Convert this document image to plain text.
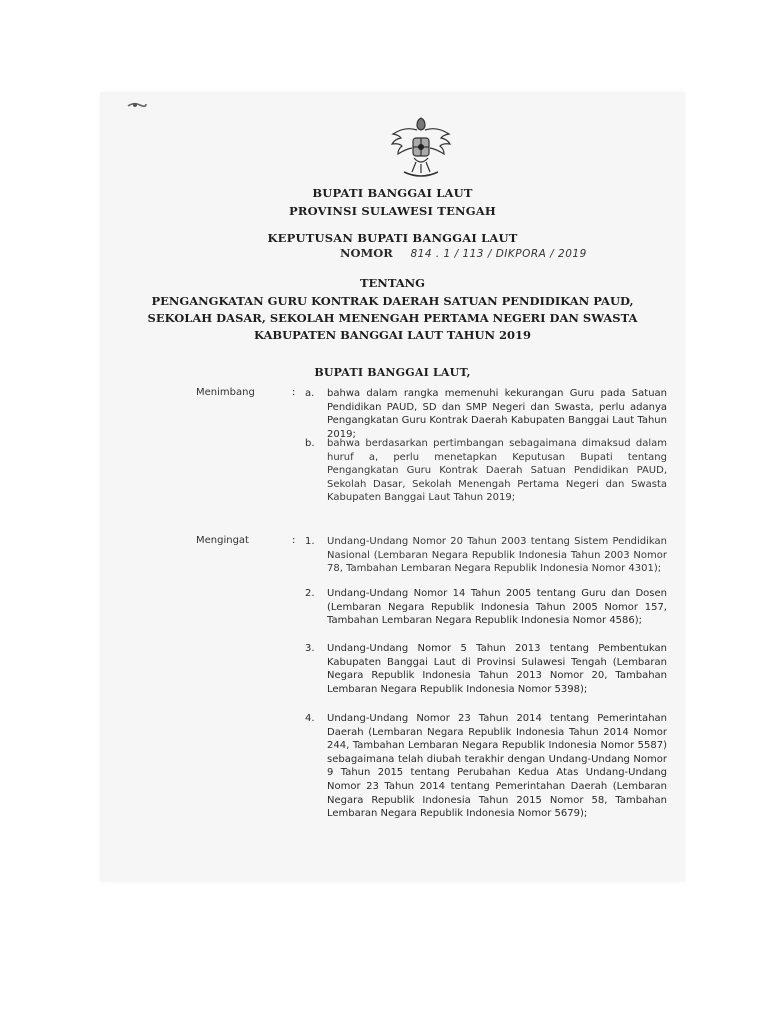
BUPATI BANGGAI LAUT
PROVINSI SULAWESI TENGAH
KEPUTUSAN BUPATI BANGGAI LAUT
NOMOR 814 . 1 / 113 / DIKPORA / 2019
TENTANG
PENGANGKATAN GURU KONTRAK DAERAH SATUAN PENDIDIKAN PAUD,
SEKOLAH DASAR, SEKOLAH MENENGAH PERTAMA NEGERI DAN SWASTA
KABUPATEN BANGGAI LAUT TAHUN 2019
BUPATI BANGGAI LAUT,
Menimbang	: a.	bahwa dalam rangka memenuhi kekurangan Guru pada Satuan Pendidikan PAUD, SD dan SMP Negeri dan Swasta, perlu adanya Pengangkatan Guru Kontrak Daerah Kabupaten Banggai Laut Tahun 2019;
b.	bahwa berdasarkan pertimbangan sebagaimana dimaksud dalam huruf a, perlu menetapkan Keputusan Bupati tentang Pengangkatan Guru Kontrak Daerah Satuan Pendidikan PAUD, Sekolah Dasar, Sekolah Menengah Pertama Negeri dan Swasta Kabupaten Banggai Laut Tahun 2019;
Mengingat	: 1.	Undang-Undang Nomor 20 Tahun 2003 tentang Sistem Pendidikan Nasional (Lembaran Negara Republik Indonesia Tahun 2003 Nomor 78, Tambahan Lembaran Negara Republik Indonesia Nomor 4301);
2.	Undang-Undang Nomor 14 Tahun 2005 tentang Guru dan Dosen (Lembaran Negara Republik Indonesia Tahun 2005 Nomor 157, Tambahan Lembaran Negara Republik Indonesia Nomor 4586);
3.	Undang-Undang Nomor 5 Tahun 2013 tentang Pembentukan Kabupaten Banggai Laut di Provinsi Sulawesi Tengah (Lembaran Negara Republik Indonesia Tahun 2013 Nomor 20, Tambahan Lembaran Negara Republik Indonesia Nomor 5398);
4.	Undang-Undang Nomor 23 Tahun 2014 tentang Pemerintahan Daerah (Lembaran Negara Republik Indonesia Tahun 2014 Nomor 244, Tambahan Lembaran Negara Republik Indonesia Nomor 5587) sebagaimana telah diubah terakhir dengan Undang-Undang Nomor 9 Tahun 2015 tentang Perubahan Kedua Atas Undang-Undang Nomor 23 Tahun 2014 tentang Pemerintahan Daerah (Lembaran Negara Republik Indonesia Tahun 2015 Nomor 58, Tambahan Lembaran Negara Republik Indonesia Nomor 5679);
